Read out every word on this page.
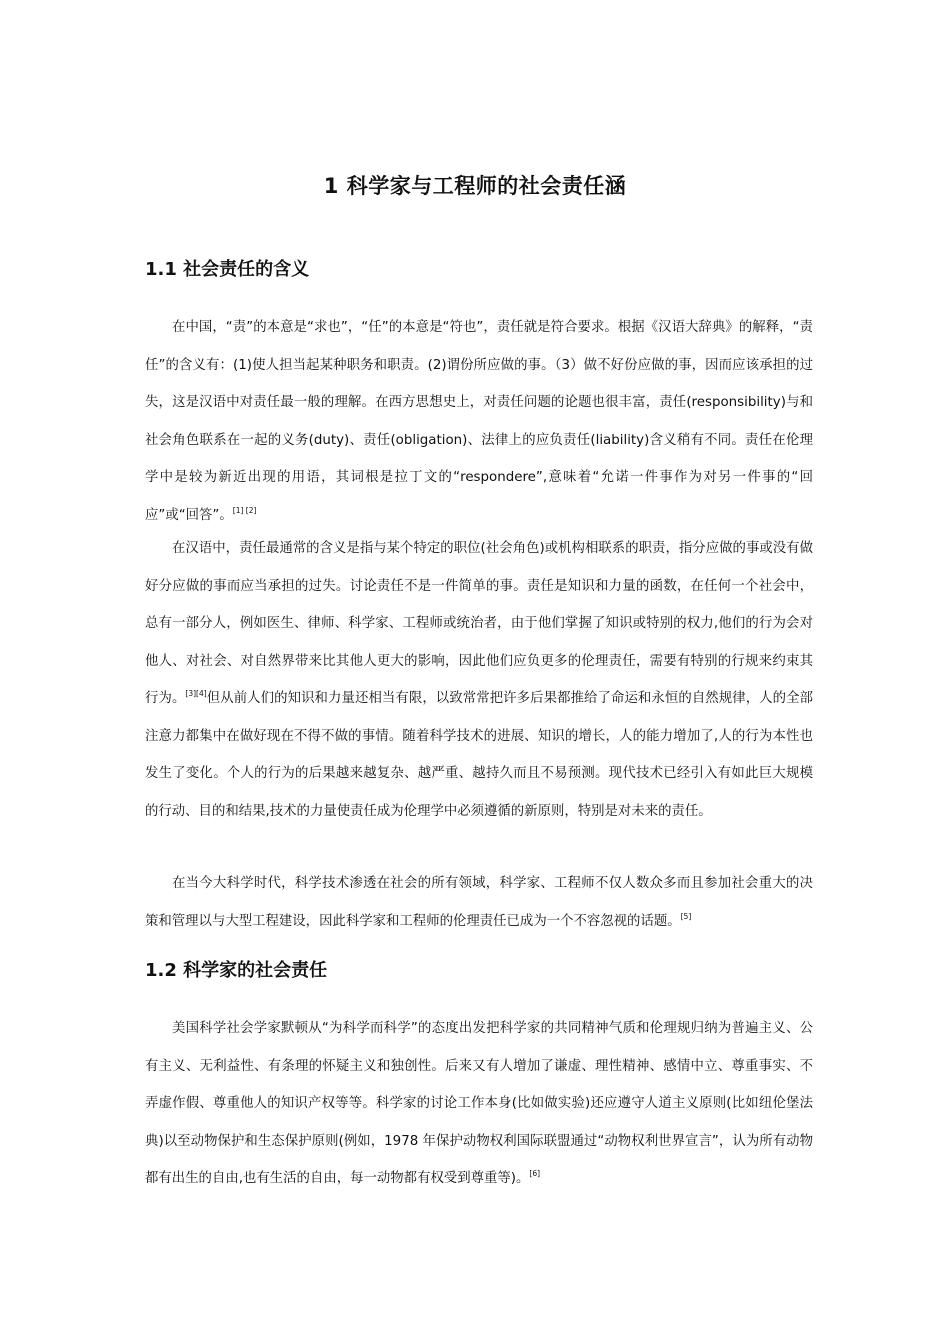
1 科学家与工程师的社会责任涵
1.1 社会责任的含义
在中国，“责”的本意是“求也”，“任”的本意是“符也”，责任就是符合要求。根据《汉语大辞典》的解释，“责任”的含义有：(1)使人担当起某种职务和职责。(2)谓份所应做的事。（3）做不好份应做的事，因而应该承担的过失，这是汉语中对责任最一般的理解。在西方思想史上，对责任问题的论题也很丰富，责任(responsibility)与和社会角色联系在一起的义务(duty)、责任(obligation)、法律上的应负责任(liability)含义稍有不同。责任在伦理学中是较为新近出现的用语，其词根是拉丁文的“respondere”,意味着“允诺一件事作为对另一件事的“回应”或“回答”。[1] [2]
在汉语中，责任最通常的含义是指与某个特定的职位(社会角色)或机构相联系的职责，指分应做的事或没有做好分应做的事而应当承担的过失。讨论责任不是一件简单的事。责任是知识和力量的函数，在任何一个社会中，总有一部分人，例如医生、律师、科学家、工程师或统治者，由于他们掌握了知识或特别的权力,他们的行为会对他人、对社会、对自然界带来比其他人更大的影响，因此他们应负更多的伦理责任，需要有特别的行规来约束其行为。[3][4]但从前人们的知识和力量还相当有限，以致常常把许多后果都推给了命运和永恒的自然规律，人的全部注意力都集中在做好现在不得不做的事情。随着科学技术的进展、知识的增长，人的能力增加了,人的行为本性也发生了变化。个人的行为的后果越来越复杂、越严重、越持久而且不易预测。现代技术已经引入有如此巨大规模的行动、目的和结果,技术的力量使责任成为伦理学中必须遵循的新原则，特别是对未来的责任。
在当今大科学时代，科学技术渗透在社会的所有领域，科学家、工程师不仅人数众多而且参加社会重大的决策和管理以与大型工程建设，因此科学家和工程师的伦理责任已成为一个不容忽视的话题。[5]
1.2 科学家的社会责任
美国科学社会学家默顿从“为科学而科学”的态度出发把科学家的共同精神气质和伦理规归纳为普遍主义、公有主义、无利益性、有条理的怀疑主义和独创性。后来又有人增加了谦虚、理性精神、感情中立、尊重事实、不弄虚作假、尊重他人的知识产权等等。科学家的讨论工作本身(比如做实验)还应遵守人道主义原则(比如纽伦堡法典)以至动物保护和生态保护原则(例如，1978 年保护动物权利国际联盟通过“动物权利世界宣言”，认为所有动物都有出生的自由,也有生活的自由，每一动物都有权受到尊重等)。[6]
